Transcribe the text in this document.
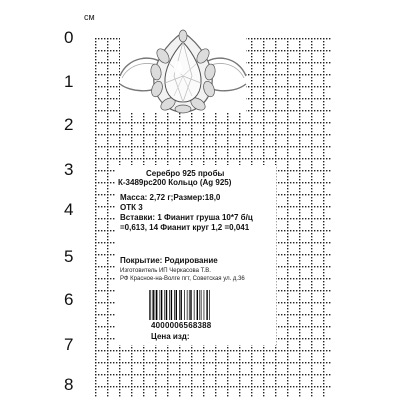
см
0
1
2
3
4
5
6
7
8
Серебро 925 пробы
К-3489рс200 Кольцо (Ag 925)
Масса: 2,72 г;Размер:18,0
ОТК 3
Вставки: 1 Фианит груша 10*7 б/ц
=0,613, 14 Фианит круг 1,2 =0,041
Покрытие: Родирование
Изготовитель ИП Черкасова Т.В.
РФ Красное-на-Волге пгт, Советская ул. д.36
4000006568388
Цена изд:
